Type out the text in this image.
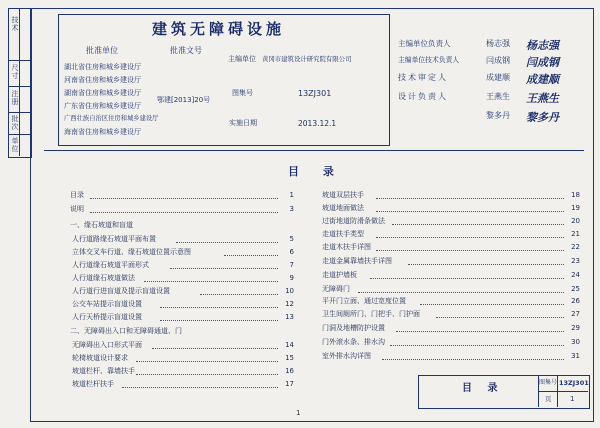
技术
尺寸
注册
批次
单位
建筑无障碍设施
批准单位	批准文号
主编单位 黄冈市建筑设计研究院有限公司
湖北省住房和城乡建设厅
河南省住房和城乡建设厅
湖南省住房和城乡建设厅
广东省住房和城乡建设厅
广西壮族自治区住房和城乡建设厅
海南省住房和城乡建设厅
鄂建[2013]20号
图集号	13ZJ301
实施日期	2013.12.1
主编单位负责人	杨志强 杨志强
主编单位技术负责人	闫成钢 闫成钢
技术审定人	成建顺 成建顺
设计负责人	王燕生 王燕生
黎多丹 黎多丹
目 录
目录	1
说明	3
一、缘石坡道和盲道
人行道路缘石坡道平面布置	5
立体交叉车行道、缘石坡道位置示意图	6
人行道缘石坡道平面形式	7
人行道缘石坡道做法	9
人行道行进盲道及提示盲道设置	10
公交车站提示盲道设置	12
人行天桥提示盲道设置	13
二、无障碍出入口和无障碍通道、门
无障碍出入口形式平面	14
轮椅坡道设计要求	15
坡道栏杆、靠墙扶手	16
坡道栏杆扶手	17
坡道双层扶手	18
坡道地面做法	19
过街地道防滑条做法	20
走道扶手类型	21
走道木扶手详图	22
走道金属靠墙扶手详图	23
走道护墙板	24
无障碍门	25
平开门立面、通过宽度位置	26
卫生间厕所门、门把手、门护面	27
门洞及地槽防护设置	29
门外滚水条、排水沟	30
室外排水沟详图	31
目 录
图集号 13ZJ301
页	1
1
